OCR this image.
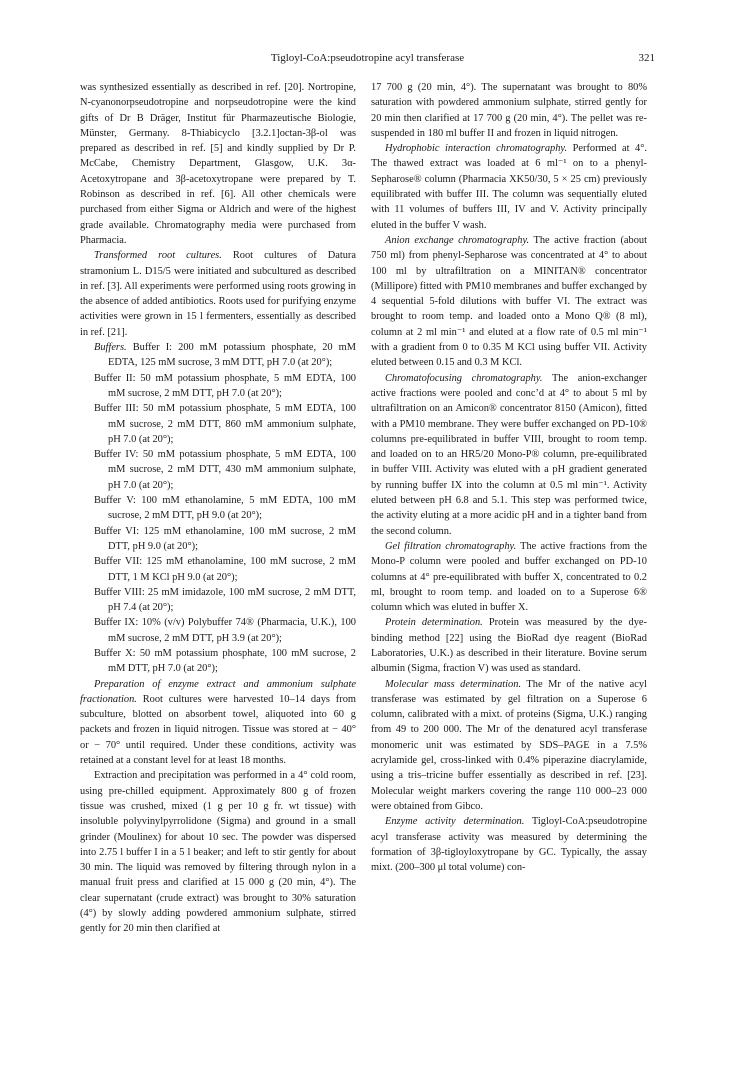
Tigloyl-CoA:pseudotropine acyl transferase	321

was synthesized essentially as described in ref. [20]. Nortropine, N-cyanonorpseudotropine and norpseudotropine were the kind gifts of Dr B Dräger, Institut für Pharmazeutische Biologie, Münster, Germany. 8-Thiabicyclo [3.2.1]octan-3β-ol was prepared as described in ref. [5] and kindly supplied by Dr P. McCabe, Chemistry Department, Glasgow, U.K. 3α-Acetoxytropane and 3β-acetoxytropane were prepared by T. Robinson as described in ref. [6]. All other chemicals were purchased from either Sigma or Aldrich and were of the highest grade available. Chromatography media were purchased from Pharmacia.

Transformed root cultures. Root cultures of Datura stramonium L. D15/5 were initiated and subcultured as described in ref. [3]. All experiments were performed using roots growing in the absence of added antibiotics. Roots used for purifying enzyme activities were grown in 15 l fermenters, essentially as described in ref. [21].

Buffers. Buffer I: 200 mM potassium phosphate, 20 mM EDTA, 125 mM sucrose, 3 mM DTT, pH 7.0 (at 20°);

Buffer II: 50 mM potassium phosphate, 5 mM EDTA, 100 mM sucrose, 2 mM DTT, pH 7.0 (at 20°);

Buffer III: 50 mM potassium phosphate, 5 mM EDTA, 100 mM sucrose, 2 mM DTT, 860 mM ammonium sulphate, pH 7.0 (at 20°);

Buffer IV: 50 mM potassium phosphate, 5 mM EDTA, 100 mM sucrose, 2 mM DTT, 430 mM ammonium sulphate, pH 7.0 (at 20°);

Buffer V: 100 mM ethanolamine, 5 mM EDTA, 100 mM sucrose, 2 mM DTT, pH 9.0 (at 20°);

Buffer VI: 125 mM ethanolamine, 100 mM sucrose, 2 mM DTT, pH 9.0 (at 20°);

Buffer VII: 125 mM ethanolamine, 100 mM sucrose, 2 mM DTT, 1 M KCl pH 9.0 (at 20°);

Buffer VIII: 25 mM imidazole, 100 mM sucrose, 2 mM DTT, pH 7.4 (at 20°);

Buffer IX: 10% (v/v) Polybuffer 74® (Pharmacia, U.K.), 100 mM sucrose, 2 mM DTT, pH 3.9 (at 20°);

Buffer X: 50 mM potassium phosphate, 100 mM sucrose, 2 mM DTT, pH 7.0 (at 20°);

Preparation of enzyme extract and ammonium sulphate fractionation. Root cultures were harvested 10–14 days from subculture, blotted on absorbent towel, aliquoted into 60 g packets and frozen in liquid nitrogen. Tissue was stored at − 40° or − 70° until required. Under these conditions, activity was retained at a constant level for at least 18 months.

Extraction and precipitation was performed in a 4° cold room, using pre-chilled equipment. Approximately 800 g of frozen tissue was crushed, mixed (1 g per 10 g fr. wt tissue) with insoluble polyvinylpyrrolidone (Sigma) and ground in a small grinder (Moulinex) for about 10 sec. The powder was dispersed into 2.75 l buffer I in a 5 l beaker; and left to stir gently for about 30 min. The liquid was removed by filtering through nylon in a manual fruit press and clarified at 15 000 g (20 min, 4°). The clear supernatant (crude extract) was brought to 30% saturation (4°) by slowly adding powdered ammonium sulphate, stirred gently for 20 min then clarified at

17 700 g (20 min, 4°). The supernatant was brought to 80% saturation with powdered ammonium sulphate, stirred gently for 20 min then clarified at 17 700 g (20 min, 4°). The pellet was re-suspended in 180 ml buffer II and frozen in liquid nitrogen.

Hydrophobic interaction chromatography. Performed at 4°. The thawed extract was loaded at 6 ml⁻¹ on to a phenyl-Sepharose® column (Pharmacia XK50/30, 5 × 25 cm) previously equilibrated with buffer III. The column was sequentially eluted with 11 volumes of buffers III, IV and V. Activity principally eluted in the buffer V wash.

Anion exchange chromatography. The active fraction (about 750 ml) from phenyl-Sepharose was concentrated at 4° to about 100 ml by ultrafiltration on a MINITAN® concentrator (Millipore) fitted with PM10 membranes and buffer exchanged by 4 sequential 5-fold dilutions with buffer VI. The extract was brought to room temp. and loaded onto a Mono Q® (8 ml), column at 2 ml min⁻¹ and eluted at a flow rate of 0.5 ml min⁻¹ with a gradient from 0 to 0.35 M KCl using buffer VII. Activity eluted between 0.15 and 0.3 M KCl.

Chromatofocusing chromatography. The anion-exchanger active fractions were pooled and conc’d at 4° to about 5 ml by ultrafiltration on an Amicon® concentrator 8150 (Amicon), fitted with a PM10 membrane. They were buffer exchanged on PD-10® columns pre-equilibrated in buffer VIII, brought to room temp. and loaded on to an HR5/20 Mono-P® column, pre-equilibrated in buffer VIII. Activity was eluted with a pH gradient generated by running buffer IX into the column at 0.5 ml min⁻¹. Activity eluted between pH 6.8 and 5.1. This step was performed twice, the activity eluting at a more acidic pH and in a tighter band from the second column.

Gel filtration chromatography. The active fractions from the Mono-P column were pooled and buffer exchanged on PD-10 columns at 4° pre-equilibrated with buffer X, concentrated to 0.2 ml, brought to room temp. and loaded on to a Superose 6® column which was eluted in buffer X.

Protein determination. Protein was measured by the dye-binding method [22] using the BioRad dye reagent (BioRad Laboratories, U.K.) as described in their literature. Bovine serum albumin (Sigma, fraction V) was used as standard.

Molecular mass determination. The Mr of the native acyl transferase was estimated by gel filtration on a Superose 6 column, calibrated with a mixt. of proteins (Sigma, U.K.) ranging from 49 to 200 000. The Mr of the denatured acyl transferase monomeric unit was estimated by SDS–PAGE in a 7.5% acrylamide gel, cross-linked with 0.4% piperazine diacrylamide, using a tris–tricine buffer essentially as described in ref. [23]. Molecular weight markers covering the range 110 000–23 000 were obtained from Gibco.

Enzyme activity determination. Tigloyl-CoA:pseudotropine acyl transferase activity was measured by determining the formation of 3β-tigloyloxytropane by GC. Typically, the assay mixt. (200–300 μl total volume) con-
